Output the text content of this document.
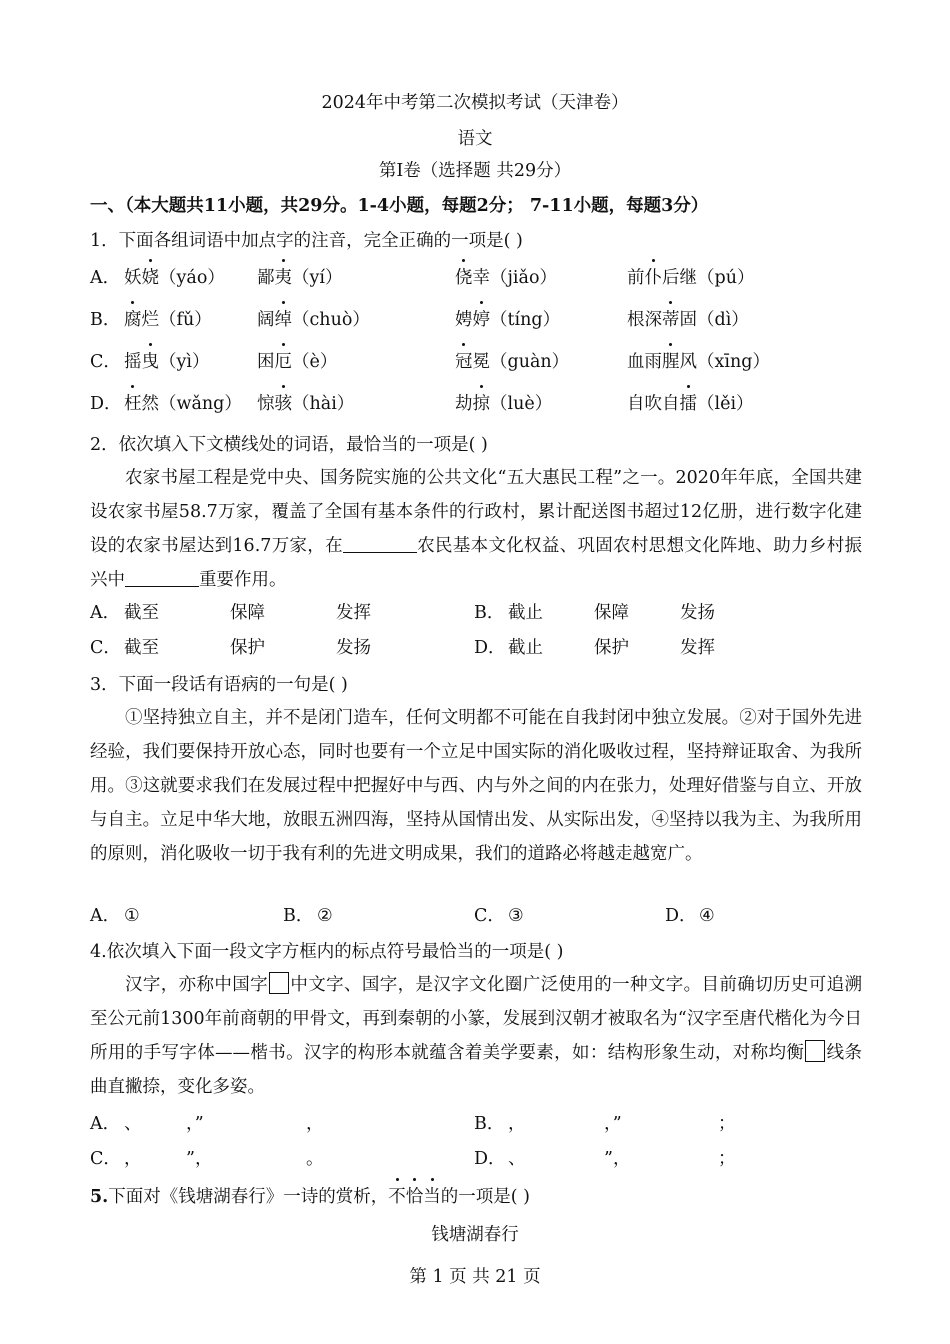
2024年中考第二次模拟考试（天津卷）
语文
第Ⅰ卷（选择题 共29分）
一、（本大题共11小题，共29分。1-4小题，每题2分； 7-11小题，每题3分）
1．下面各组词语中加点字的注音，完全正确的一项是( )
A． 妖娆（yáo） 鄙夷（yí）	侥幸（jiǎo）	前仆后继（pú）
B． 腐烂（fǔ）	阔绰（chuò）	娉婷（tíng）	根深蒂固（dì）
C． 摇曳（yì）	困厄（è）	冠冕（guàn）	血雨腥风（xīng）
D． 枉然（wǎng） 惊骇（hài）	劫掠（luè）	自吹自擂（lěi）
2．依次填入下文横线处的词语，最恰当的一项是( )

农家书屋工程是党中央、国务院实施的公共文化“五大惠民工程”之一。2020年年底，全国共建设农家书屋58.7万家，覆盖了全国有基本条件的行政村，累计配送图书超过12亿册，进行数字化建设的农家书屋达到16.7万家，在	农民基本文化权益、巩固农村思想文化阵地、助力乡村振兴中	重要作用。

A． 截至	保障	发挥	B． 截止	保障	发扬
C． 截至	保护	发扬	D． 截止	保护	发挥
3．下面一段话有语病的一句是( )

①坚持独立自主，并不是闭门造车，任何文明都不可能在自我封闭中独立发展。②对于国外先进经验，我们要保持开放心态，同时也要有一个立足中国实际的消化吸收过程，坚持辩证取舍、为我所用。③这就要求我们在发展过程中把握好中与西、内与外之间的内在张力，处理好借鉴与自立、开放与自主。立足中华大地，放眼五洲四海，坚持从国情出发、从实际出发，④坚持以我为主、为我所用的原则，消化吸收一切于我有利的先进文明成果，我们的道路必将越走越宽广。

A． ①	B． ②	C． ③	D． ④
4.依次填入下面一段文字方框内的标点符号最恰当的一项是( )

汉字，亦称中国字 中文字、国字，是汉字文化圈广泛使用的一种文字。目前确切历史可追溯至公元前1300年前商朝的甲骨文，再到秦朝的小篆，发展到汉朝才被取名为“汉字至唐代楷化为今日所用的手写字体——楷书。汉字的构形本就蕴含着美学要素，如：结构形象生动，对称均衡 线条曲直撇捺，变化多姿。

A． 、	，”	，	B． ，	，”	；
C． ，	”，	。	D． 、	”，	；
5.下面对《钱塘湖春行》一诗的赏析，不恰当的一项是( )
钱塘湖春行
第 1 页 共 21 页
